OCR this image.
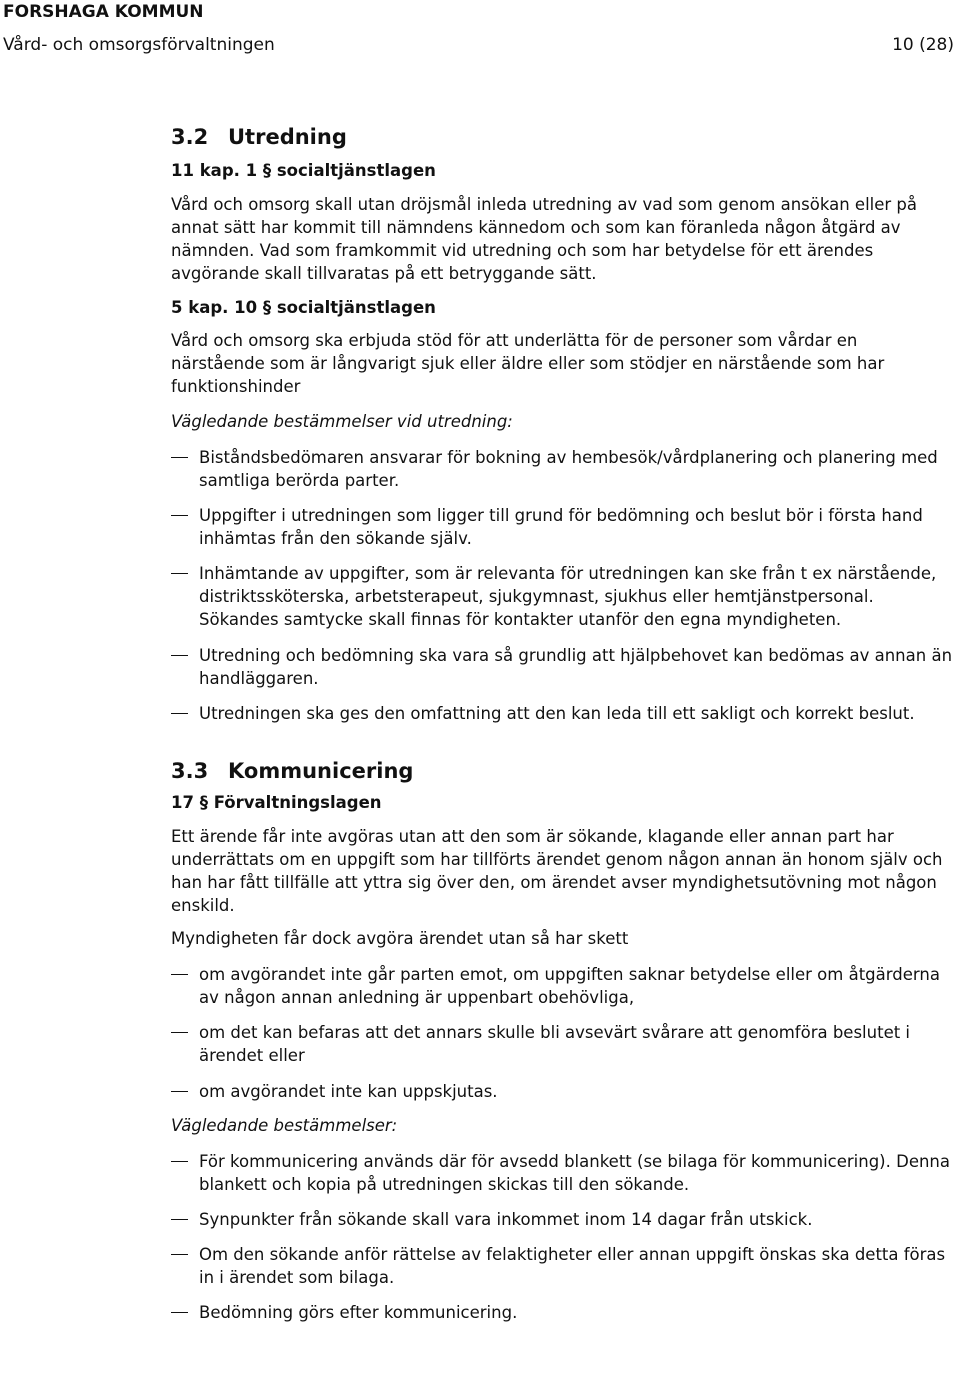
FORSHAGA KOMMUN
Vård- och omsorgsförvaltningen	10 (28)
3.2 Utredning
11 kap. 1 § socialtjänstlagen

Vård och omsorg skall utan dröjsmål inleda utredning av vad som genom ansökan eller på annat sätt har kommit till nämndens kännedom och som kan föranleda någon åtgärd av nämnden. Vad som framkommit vid utredning och som har betydelse för ett ärendes avgörande skall tillvaratas på ett betryggande sätt.

5 kap. 10 § socialtjänstlagen

Vård och omsorg ska erbjuda stöd för att underlätta för de personer som vårdar en närstående som är långvarigt sjuk eller äldre eller som stödjer en närstående som har funktionshinder

Vägledande bestämmelser vid utredning:

Biståndsbedömaren ansvarar för bokning av hembesök/vårdplanering och planering med samtliga berörda parter.
Uppgifter i utredningen som ligger till grund för bedömning och beslut bör i första hand inhämtas från den sökande själv.
Inhämtande av uppgifter, som är relevanta för utredningen kan ske från t ex närstående, distriktssköterska, arbetsterapeut, sjukgymnast, sjukhus eller hemtjänstpersonal. Sökandes samtycke skall finnas för kontakter utanför den egna myndigheten.
Utredning och bedömning ska vara så grundlig att hjälpbehovet kan bedömas av annan än handläggaren.
Utredningen ska ges den omfattning att den kan leda till ett sakligt och korrekt beslut.
3.3 Kommunicering
17 § Förvaltningslagen

Ett ärende får inte avgöras utan att den som är sökande, klagande eller annan part har underrättats om en uppgift som har tillförts ärendet genom någon annan än honom själv och han har fått tillfälle att yttra sig över den, om ärendet avser myndighetsutövning mot någon enskild.

Myndigheten får dock avgöra ärendet utan så har skett

om avgörandet inte går parten emot, om uppgiften saknar betydelse eller om åtgärderna av någon annan anledning är uppenbart obehövliga,
om det kan befaras att det annars skulle bli avsevärt svårare att genomföra beslutet i ärendet eller
om avgörandet inte kan uppskjutas.

Vägledande bestämmelser:

För kommunicering används där för avsedd blankett (se bilaga för kommunicering). Denna blankett och kopia på utredningen skickas till den sökande.
Synpunkter från sökande skall vara inkommet inom 14 dagar från utskick.
Om den sökande anför rättelse av felaktigheter eller annan uppgift önskas ska detta föras in i ärendet som bilaga.
Bedömning görs efter kommunicering.
